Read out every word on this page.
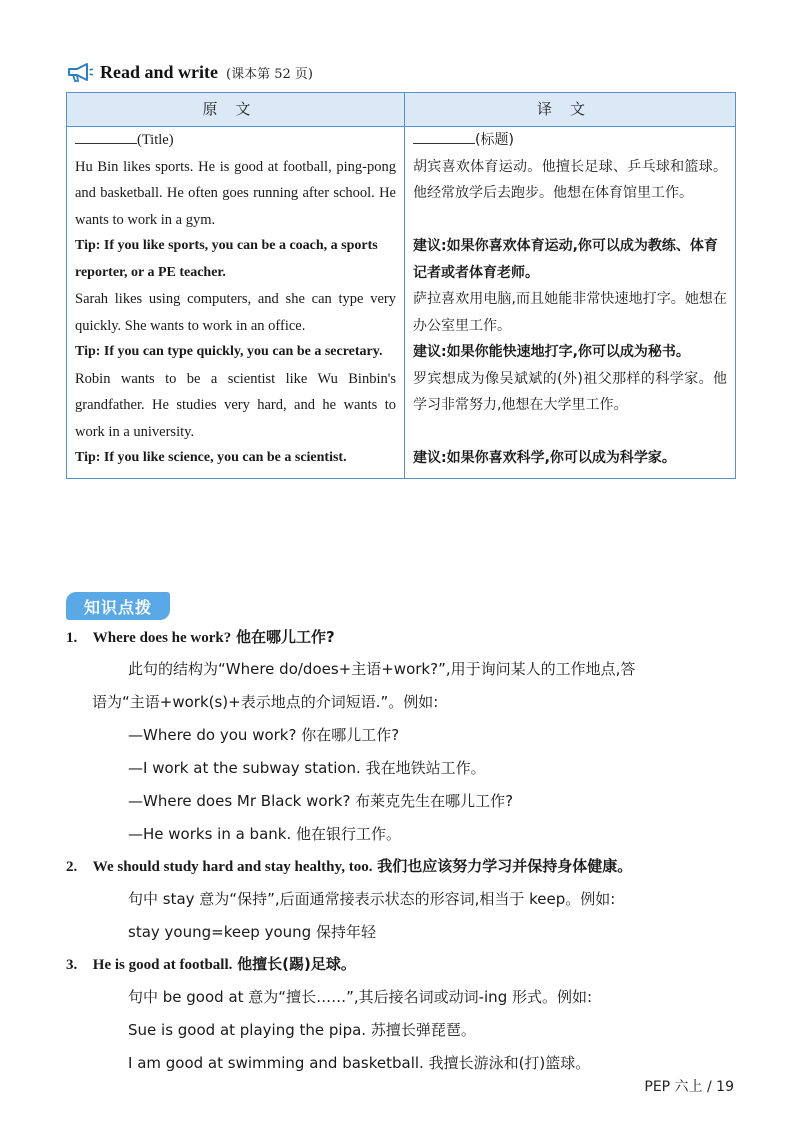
Read and write (课本第 52 页)
原文	译文
(Title)	(标题)
Hu Bin likes sports. He is good at football, ping-pong and basketball. He often goes running after school. He wants to work in a gym.	胡宾喜欢体育运动。他擅长足球、乒乓球和篮球。他经常放学后去跑步。他想在体育馆里工作。
Tip: If you like sports, you can be a coach, a sports reporter, or a PE teacher.	建议:如果你喜欢体育运动,你可以成为教练、体育记者或者体育老师。
Sarah likes using computers, and she can type very quickly. She wants to work in an office.	萨拉喜欢用电脑,而且她能非常快速地打字。她想在办公室里工作。
Tip: If you can type quickly, you can be a secretary.	建议:如果你能快速地打字,你可以成为秘书。
Robin wants to be a scientist like Wu Binbin's grandfather. He studies very hard, and he wants to work in a university.	罗宾想成为像吴斌斌的(外)祖父那样的科学家。他学习非常努力,他想在大学里工作。
Tip: If you like science, you can be a scientist.	建议:如果你喜欢科学,你可以成为科学家。
知识点拨
1. Where does he work? 他在哪儿工作?
此句的结构为“Where do/does+主语+work?”,用于询问某人的工作地点,答
语为“主语+work(s)+表示地点的介词短语.”。例如:
—Where do you work? 你在哪儿工作?
—I work at the subway station. 我在地铁站工作。
—Where does Mr Black work? 布莱克先生在哪儿工作?
—He works in a bank. 他在银行工作。
2. We should study hard and stay healthy, too. 我们也应该努力学习并保持身体健康。
句中 stay 意为“保持”,后面通常接表示状态的形容词,相当于 keep。例如:
stay young=keep young 保持年轻
3. He is good at football. 他擅长(踢)足球。
句中 be good at 意为“擅长……”,其后接名词或动词-ing 形式。例如:
Sue is good at playing the pipa. 苏擅长弹琵琶。
I am good at swimming and basketball. 我擅长游泳和(打)篮球。
PEP 六上 / 19
